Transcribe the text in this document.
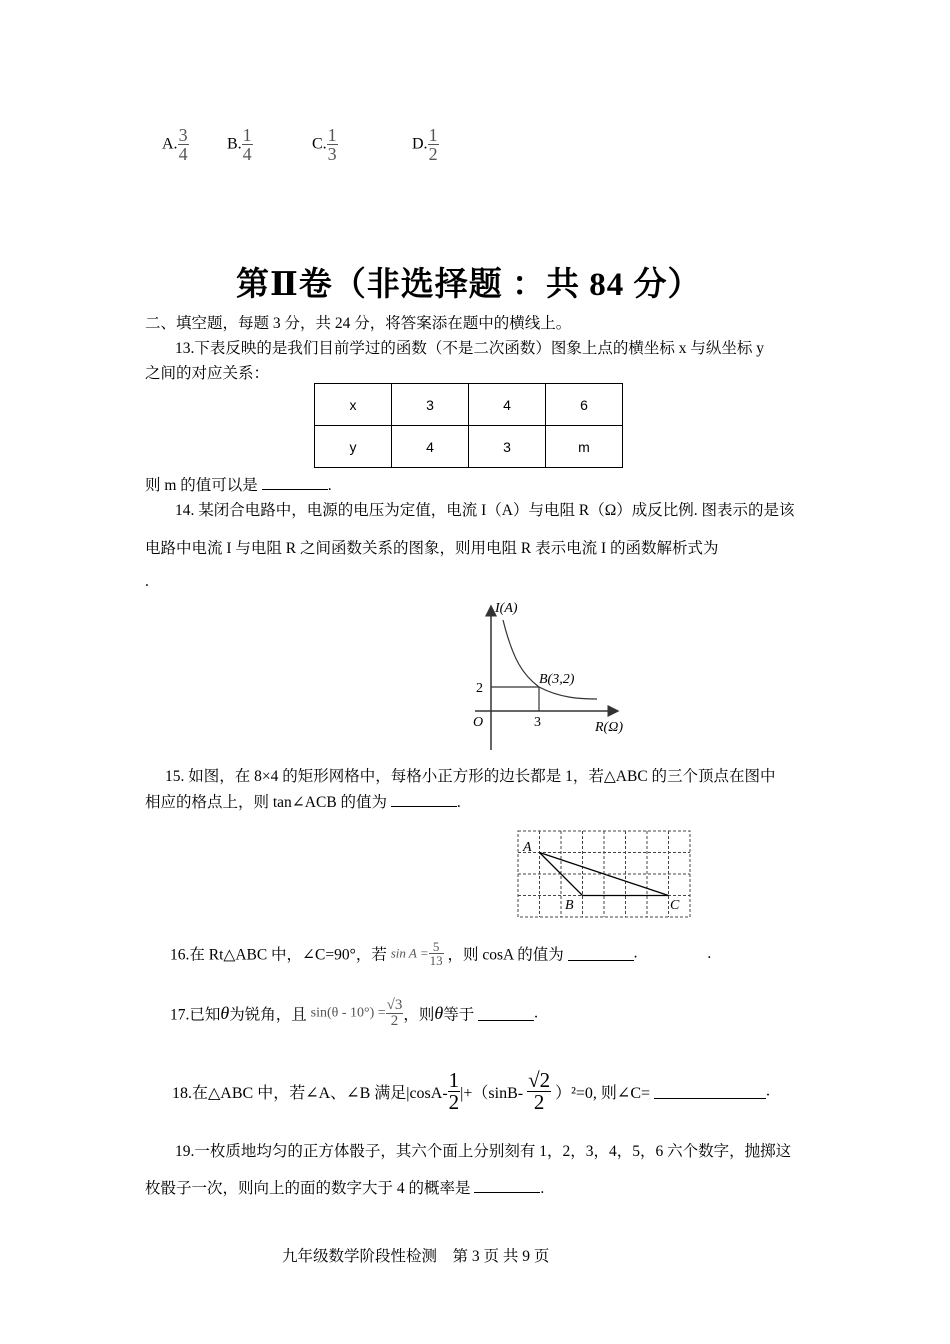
A. $\frac{3}{4} B$. $\frac{1}{4}$	C. $\frac{1}{3}$	D. $\frac{1}{2}$
第Ⅱ卷（非选择题 ：共 84 分）
二、填空题，每题 3 分，共 24 分，将答案添在题中的横线上。
13.下表反映的是我们目前学过的函数（不是二次函数）图象上点的横坐标 x 与纵坐标 y
之间的对应关系：
x	3	4	6
y	4	3	m
则 m 的值可以是	.
14. 某闭合电路中，电源的电压为定值，电流 I（A）与电阻 R（Ω）成反比例. 图表示的是该
电路中电流 I 与电阻 R 之间函数关系的图象，则用电阻 R 表示电流 I 的函数解析式为
.
I(A)
R(Ω)
O
B(3,2)
3
2
15. 如图，在 8×4 的矩形网格中，每格小正方形的边长都是 1，若△ABC 的三个顶点在图中
相应的格点上，则 tan∠ACB 的值为	.
A
B	C
16.在 Rt△ABC 中，∠C=90°，若 $\sin A = \frac{5}{13}$ ，则 cosA 的值为	.	.
17.已知θ为锐角，且 $\sin(\theta - 10^\circ) = \frac{√3}{2}$ ，则θ等于	.
18.在△ABC 中，若∠A、∠B 满足$|\cos A- \frac{1}{2} |+(\sin B- \frac{√2}{2} )^2=0$, 则∠C=	.
19.一枚质地均匀的正方体骰子，其六个面上分别刻有 1，2，3，4，5，6 六个数字，抛掷这
枚骰子一次，则向上的面的数字大于 4 的概率是	.
九年级数学阶段性检测　第 3 页 共 9 页
